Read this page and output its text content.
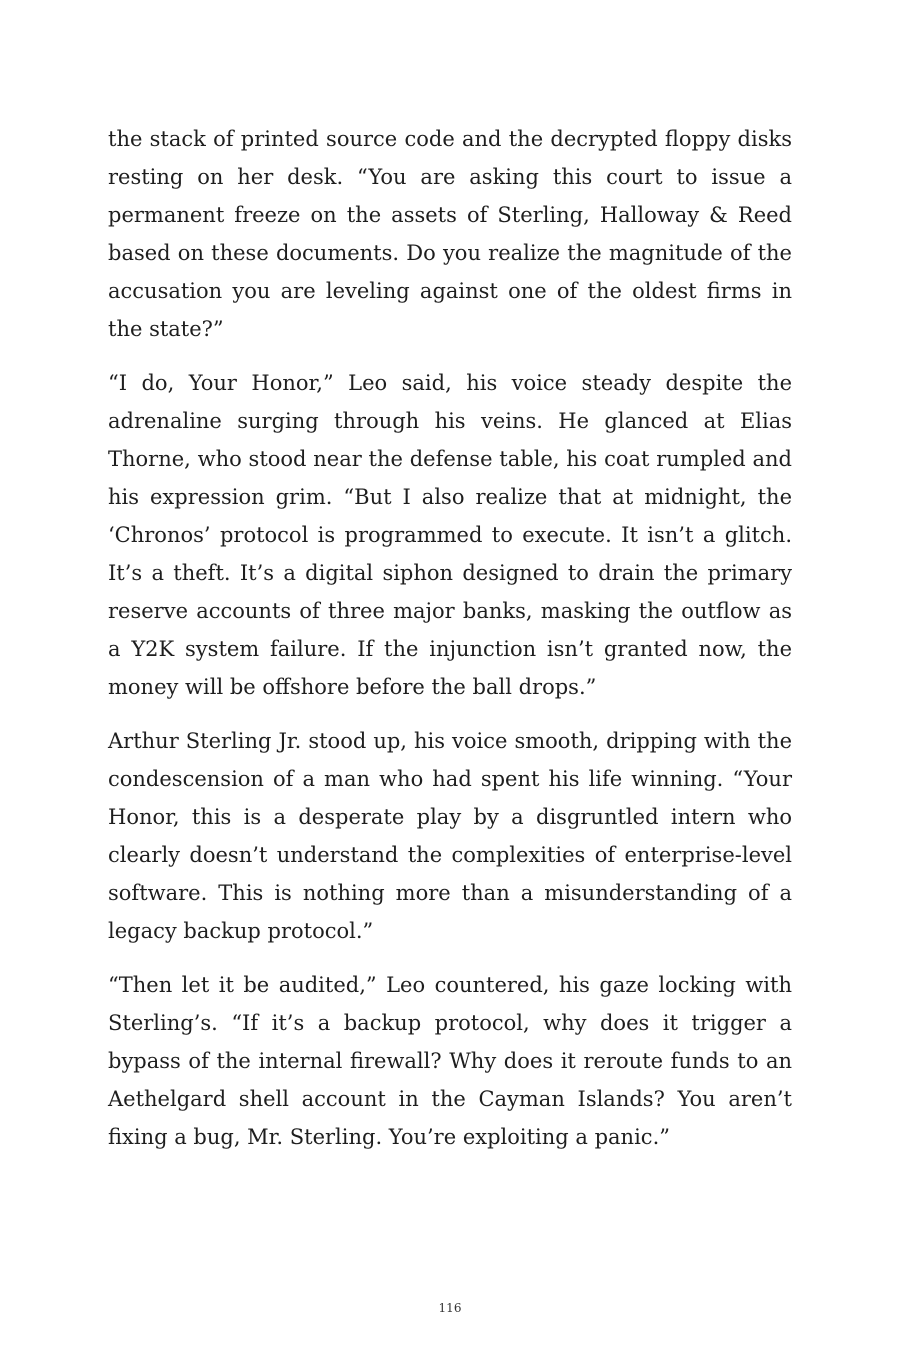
the stack of printed source code and the decrypted floppy disks resting on her desk. “You are asking this court to issue a permanent freeze on the assets of Sterling, Halloway & Reed based on these documents. Do you realize the magnitude of the accusation you are leveling against one of the oldest firms in the state?”

“I do, Your Honor,” Leo said, his voice steady despite the adrenaline surging through his veins. He glanced at Elias Thorne, who stood near the defense table, his coat rumpled and his expression grim. “But I also realize that at midnight, the ‘Chronos’ protocol is programmed to execute. It isn’t a glitch. It’s a theft. It’s a digital siphon designed to drain the primary reserve accounts of three major banks, masking the outflow as a Y2K system failure. If the injunction isn’t granted now, the money will be offshore before the ball drops.”

Arthur Sterling Jr. stood up, his voice smooth, dripping with the condescension of a man who had spent his life winning. “Your Honor, this is a desperate play by a disgruntled intern who clearly doesn’t understand the complexities of enterprise-level software. This is nothing more than a misunderstanding of a legacy backup protocol.”

“Then let it be audited,” Leo countered, his gaze locking with Sterling’s. “If it’s a backup protocol, why does it trigger a bypass of the internal firewall? Why does it reroute funds to an Aethelgard shell account in the Cayman Islands? You aren’t fixing a bug, Mr. Sterling. You’re exploiting a panic.”

116
